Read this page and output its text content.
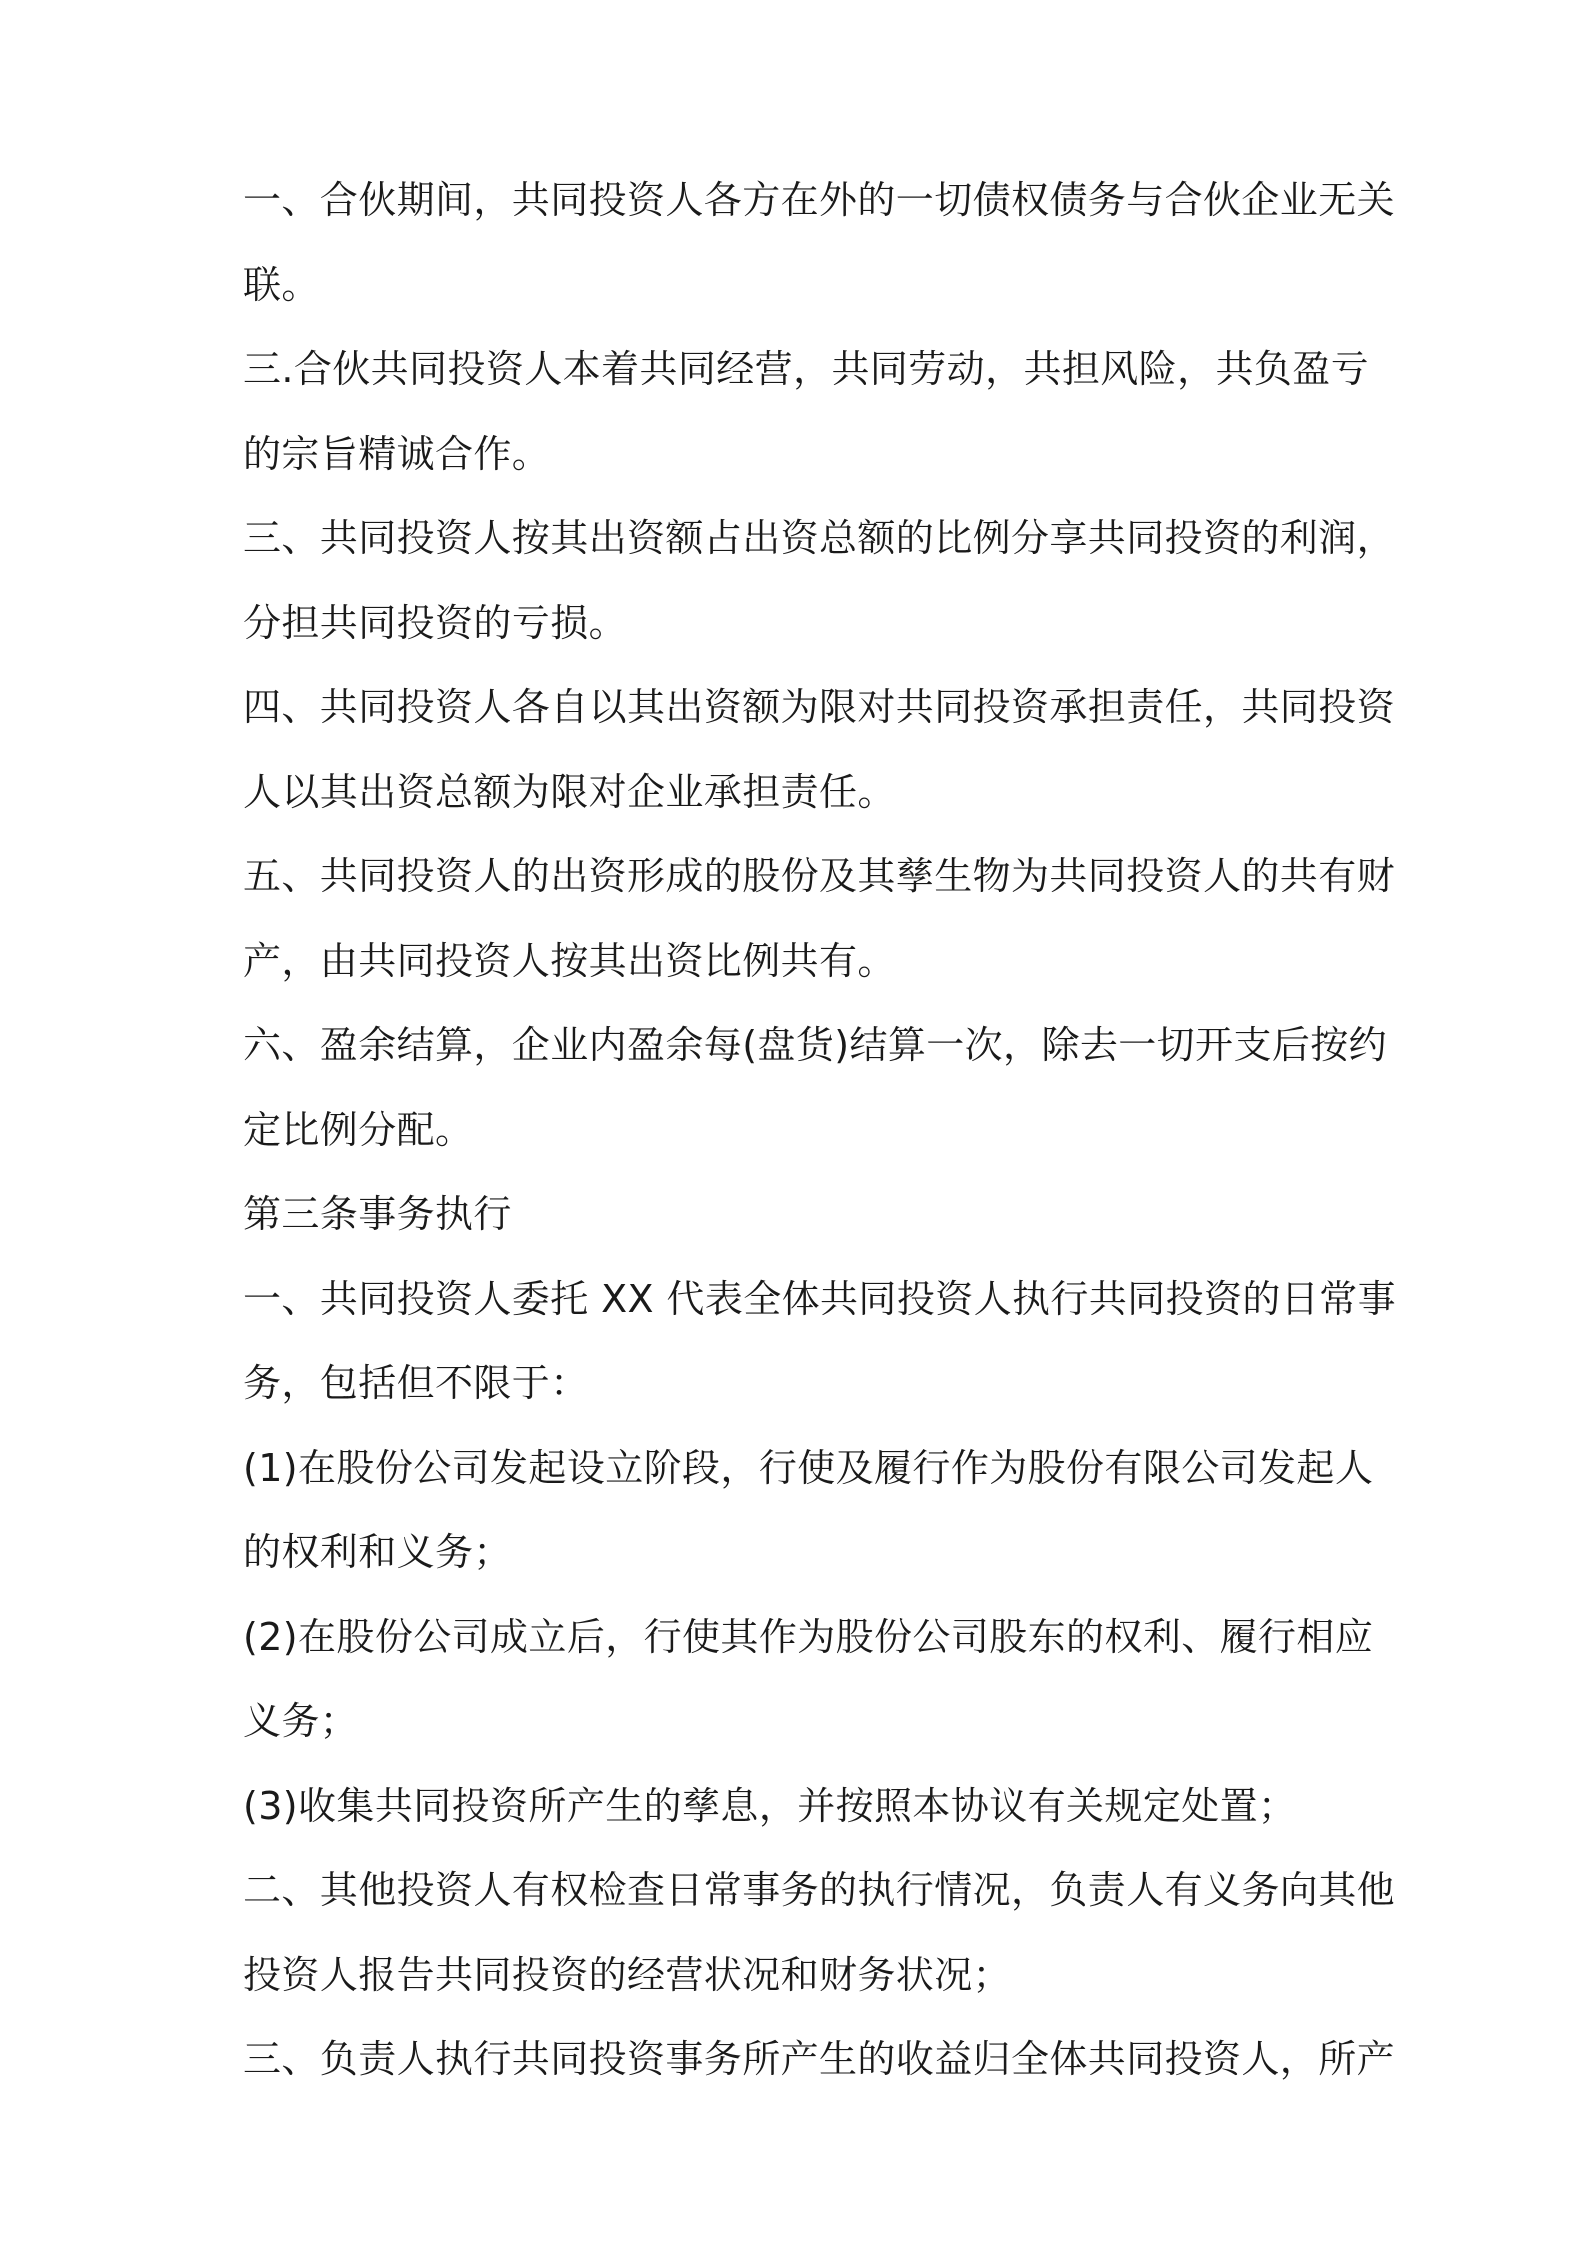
一、合伙期间，共同投资人各方在外的一切债权债务与合伙企业无关
联。

三.合伙共同投资人本着共同经营，共同劳动，共担风险，共负盈亏
的宗旨精诚合作。

三、共同投资人按其出资额占出资总额的比例分享共同投资的利润，
分担共同投资的亏损。

四、共同投资人各自以其出资额为限对共同投资承担责任，共同投资
人以其出资总额为限对企业承担责任。

五、共同投资人的出资形成的股份及其孳生物为共同投资人的共有财
产，由共同投资人按其出资比例共有。

六、盈余结算，企业内盈余每(盘货)结算一次，除去一切开支后按约
定比例分配。

第三条事务执行

一、共同投资人委托 XX 代表全体共同投资人执行共同投资的日常事
务，包括但不限于：

(1)在股份公司发起设立阶段，行使及履行作为股份有限公司发起人
的权利和义务；

(2)在股份公司成立后，行使其作为股份公司股东的权利、履行相应
义务；

(3)收集共同投资所产生的孳息，并按照本协议有关规定处置；

二、其他投资人有权检查日常事务的执行情况，负责人有义务向其他
投资人报告共同投资的经营状况和财务状况；

三、负责人执行共同投资事务所产生的收益归全体共同投资人，所产
